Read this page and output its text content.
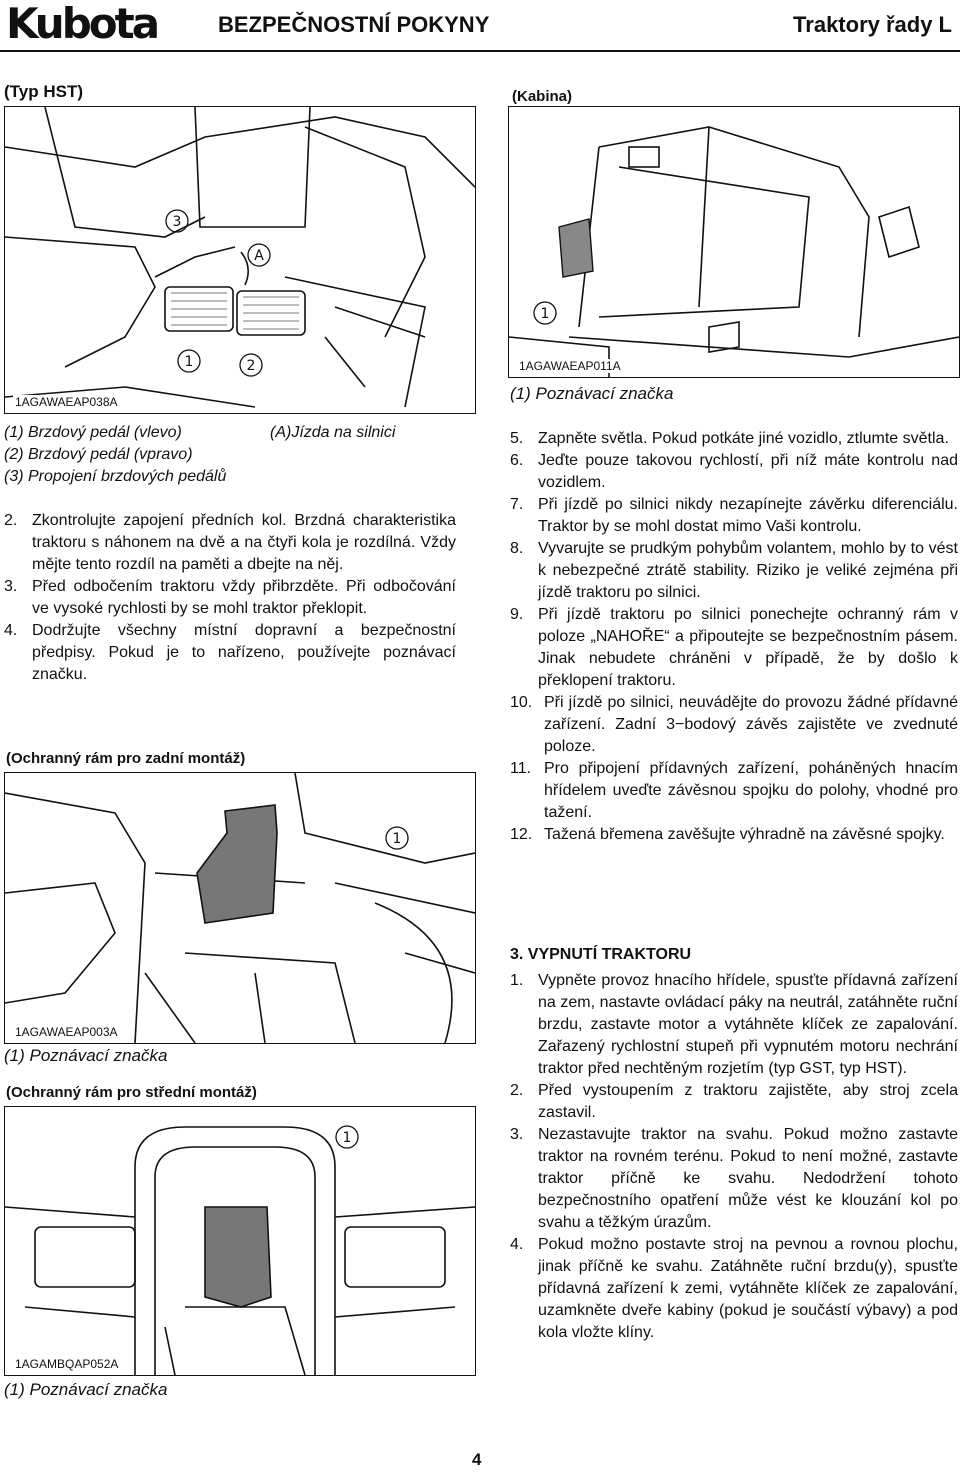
Kubota	BEZPEČNOSTNÍ POKYNY	Traktory řady L
(Typ HST)
3
A
1	2
1AGAWAEAP038A
(1) Brzdový pedál (vlevo)	(A)Jízda na silnici
(2) Brzdový pedál (vpravo)
(3) Propojení brzdových pedálů
2. Zkontrolujte zapojení předních kol. Brzdná charakteristika traktoru s náhonem na dvě a na čtyři kola je rozdílná. Vždy mějte tento rozdíl na paměti a dbejte na něj.
3. Před odbočením traktoru vždy přibrzděte. Při odbočování ve vysoké rychlosti by se mohl traktor překlopit.
4. Dodržujte všechny místní dopravní a bezpečnostní předpisy. Pokud je to nařízeno, používejte poznávací značku.
(Ochranný rám pro zadní montáž)
1
1AGAWAEAP003A
(1) Poznávací značka
(Ochranný rám pro střední montáž)
1
1AGAMBQAP052A
(1) Poznávací značka
(Kabina)
1
1AGAWAEAP011A
(1) Poznávací značka
5. Zapněte světla. Pokud potkáte jiné vozidlo, ztlumte světla.
6. Jeďte pouze takovou rychlostí, při níž máte kontrolu nad vozidlem.
7. Při jízdě po silnici nikdy nezapínejte závěrku diferenciálu. Traktor by se mohl dostat mimo Vaši kontrolu.
8. Vyvarujte se prudkým pohybům volantem, mohlo by to vést k nebezpečné ztrátě stability. Riziko je veliké zejména při jízdě traktoru po silnici.
9. Při jízdě traktoru po silnici ponechejte ochranný rám v poloze „NAHOŘE“ a připoutejte se bezpečnostním pásem. Jinak nebudete chráněni v případě, že by došlo k překlopení traktoru.
10. Při jízdě po silnici, neuváděјte do provozu žádné přídavné zařízení. Zadní 3−bodový závěs zajistěte ve zvednuté poloze.
11. Pro připojení přídavných zařízení, poháněných hnacím hřídelem uveďte závěsnou spojku do polohy, vhodné pro tažení.
12. Tažená břemena zavěšujte výhradně na závěsné spojky.
3. VYPNUTÍ TRAKTORU
1. Vypněte provoz hnacího hřídele, spusťte přídavná zařízení na zem, nastavte ovládací páky na neutrál, zatáhněte ruční brzdu, zastavte motor a vytáhněte klíček ze zapalování. Zařazený rychlostní stupeň při vypnutém motoru nechrání traktor před nechtěným rozjetím (typ GST, typ HST).
2. Před vystoupením z traktoru zajistěte, aby stroj zcela zastavil.
3. Nezastavujte traktor na svahu. Pokud možno zastavte traktor na rovném terénu. Pokud to není možné, zastavte traktor příčně ke svahu. Nedodržení tohoto bezpečnostního opatření může vést ke klouzání kol po svahu a těžkým úrazům.
4. Pokud možno postavte stroj na pevnou a rovnou plochu, jinak příčně ke svahu. Zatáhněte ruční brzdu(y), spusťte přídavná zařízení k zemi, vytáhněte klíček ze zapalování, uzamkněte dveře kabiny (pokud je součástí výbavy) a pod kola vložte klíny.
4
